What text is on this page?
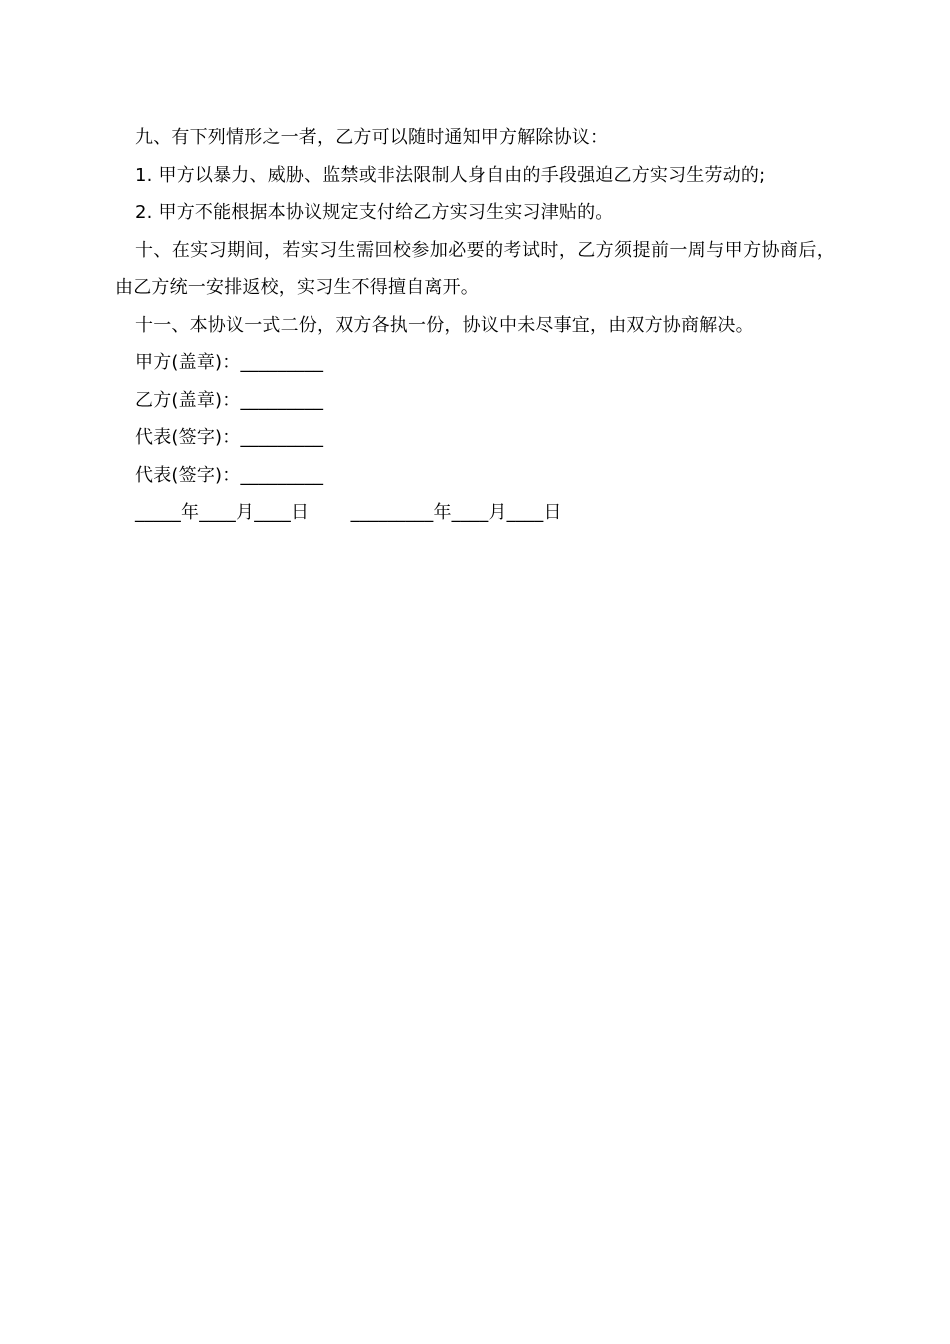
九、有下列情形之一者，乙方可以随时通知甲方解除协议：
1. 甲方以暴力、威胁、监禁或非法限制人身自由的手段强迫乙方实习生劳动的;
2. 甲方不能根据本协议规定支付给乙方实习生实习津贴的。
十、在实习期间，若实习生需回校参加必要的考试时，乙方须提前一周与甲方协商后，由乙方统一安排返校，实习生不得擅自离开。
十一、本协议一式二份，双方各执一份，协议中未尽事宜，由双方协商解决。
甲方(盖章)：_________
乙方(盖章)：_________
代表(签字)：_________
代表(签字)：_________
_____年____月____日 _________年____月____日
